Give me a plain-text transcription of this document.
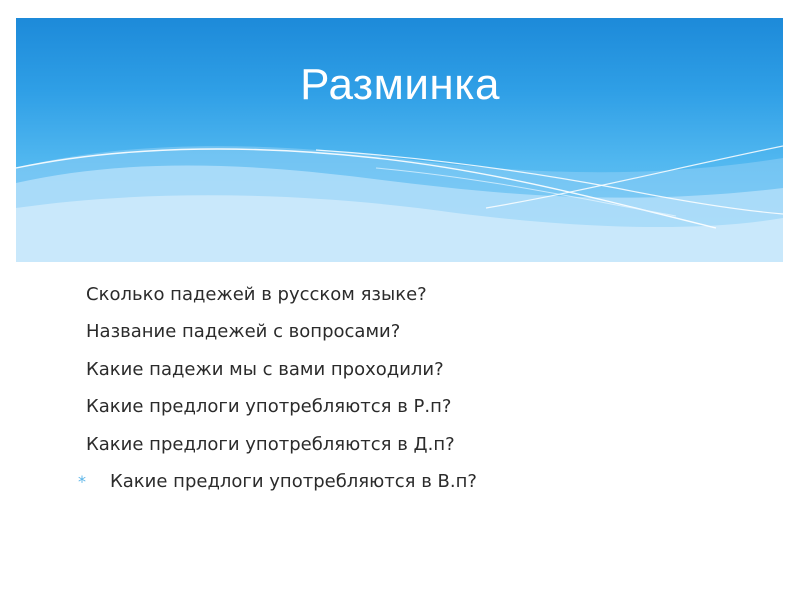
Разминка
Сколько падежей в русском языке?
Название падежей с вопросами?
Какие падежи мы с вами проходили?
Какие предлоги употребляются в Р.п?
Какие предлоги употребляются в Д.п?
*	Какие предлоги употребляются в В.п?
